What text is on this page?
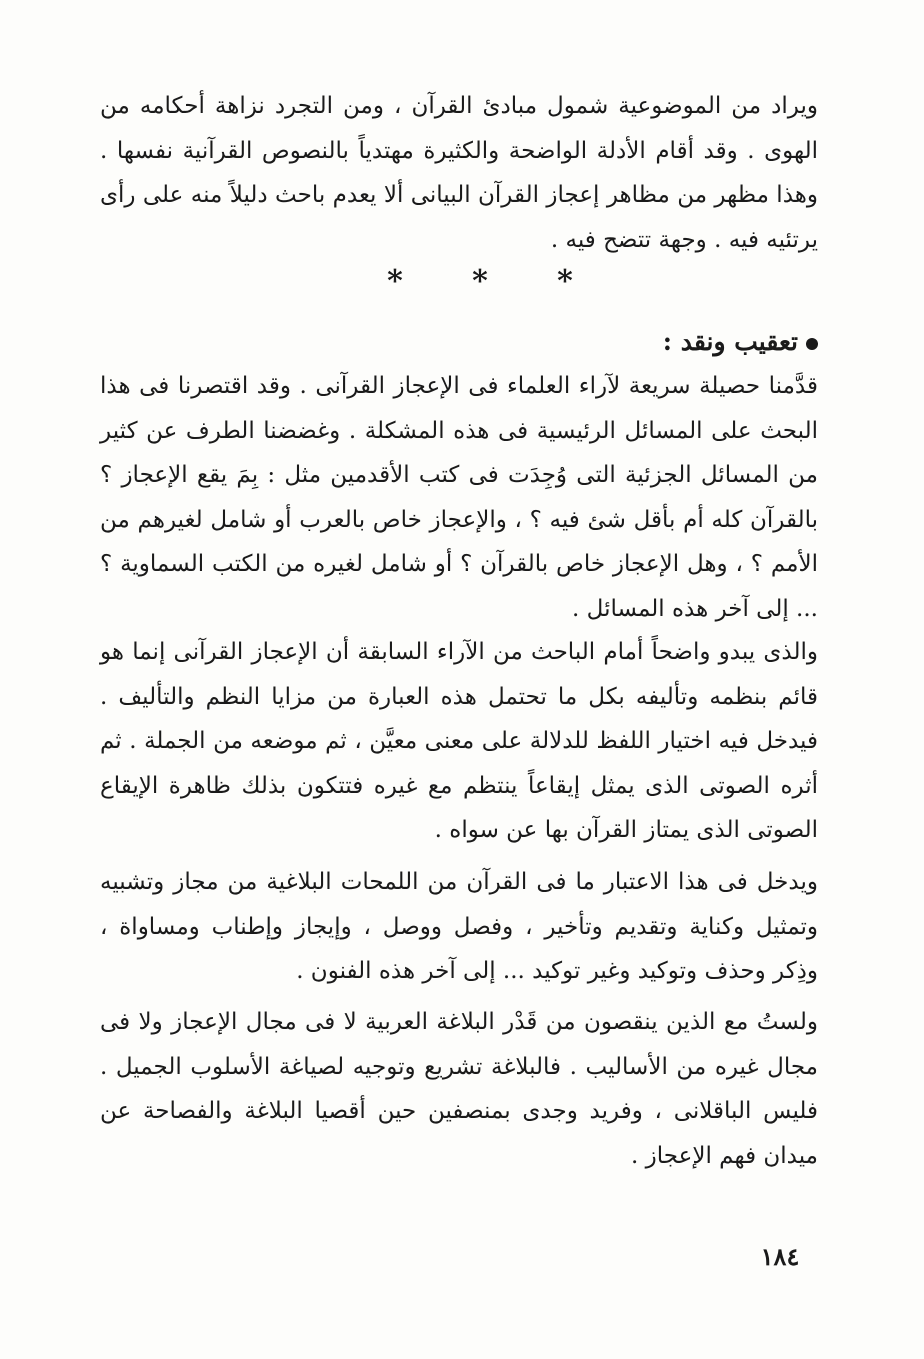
ويراد من الموضوعية شمول مبادئ القرآن ، ومن التجرد نزاهة أحكامه من الهوى . وقد أقام الأدلة الواضحة والكثيرة مهتدياً بالنصوص القرآنية نفسها . وهذا مظهر من مظاهر إعجاز القرآن البيانى ألا يعدم باحث دليلاً منه على رأى يرتئيه فيه . وجهة تتضح فيه .

* * *
تعقيب ونقد :

قدَّمنا حصيلة سريعة لآراء العلماء فى الإعجاز القرآنى . وقد اقتصرنا فى هذا البحث على المسائل الرئيسية فى هذه المشكلة . وغضضنا الطرف عن كثير من المسائل الجزئية التى وُجِدَت فى كتب الأقدمين مثل : بِمَ يقع الإعجاز ؟ بالقرآن كله أم بأقل شئ فيه ؟ ، والإعجاز خاص بالعرب أو شامل لغيرهم من الأمم ؟ ، وهل الإعجاز خاص بالقرآن ؟ أو شامل لغيره من الكتب السماوية ؟ ... إلى آخر هذه المسائل .

والذى يبدو واضحاً أمام الباحث من الآراء السابقة أن الإعجاز القرآنى إنما هو قائم بنظمه وتأليفه بكل ما تحتمل هذه العبارة من مزايا النظم والتأليف . فيدخل فيه اختيار اللفظ للدلالة على معنى معيَّن ، ثم موضعه من الجملة . ثم أثره الصوتى الذى يمثل إيقاعاً ينتظم مع غيره فتتكون بذلك ظاهرة الإيقاع الصوتى الذى يمتاز القرآن بها عن سواه .

ويدخل فى هذا الاعتبار ما فى القرآن من اللمحات البلاغية من مجاز وتشبيه وتمثيل وكناية وتقديم وتأخير ، وفصل ووصل ، وإيجاز وإطناب ومساواة ، وذِكر وحذف وتوكيد وغير توكيد ... إلى آخر هذه الفنون .

ولستُ مع الذين ينقصون من قَدْر البلاغة العربية لا فى مجال الإعجاز ولا فى مجال غيره من الأساليب . فالبلاغة تشريع وتوجيه لصياغة الأسلوب الجميل . فليس الباقلانى ، وفريد وجدى بمنصفين حين أقصيا البلاغة والفصاحة عن ميدان فهم الإعجاز .

١٨٤
